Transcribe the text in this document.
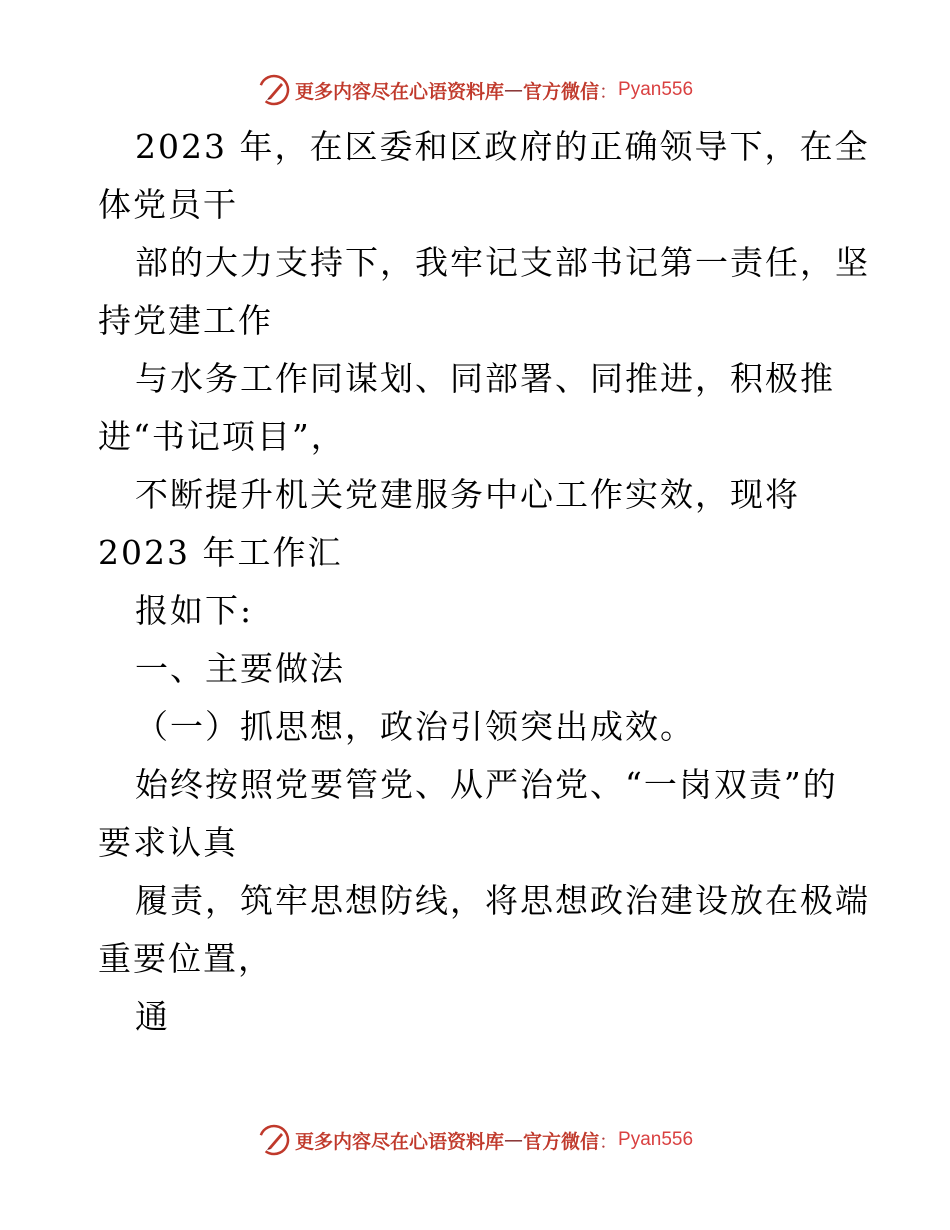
更多内容尽在心语资料库 — 官方微信 ： Pyan556
2023 年，在区委和区政府的正确领导下，在全
体党员干
部的大力支持下，我牢记支部书记第一责任，坚
持党建工作
与水务工作同谋划、同部署、同推进，积极推
进“书记项目”，
不断提升机关党建服务中心工作实效，现将
2023 年工作汇
报如下:
一、主要做法
（一）抓思想，政治引领突出成效。
始终按照党要管党、从严治党、“一岗双责”的
要求认真
履责，筑牢思想防线，将思想政治建设放在极端
重要位置，
通
更多内容尽在心语资料库 — 官方微信 ： Pyan556
